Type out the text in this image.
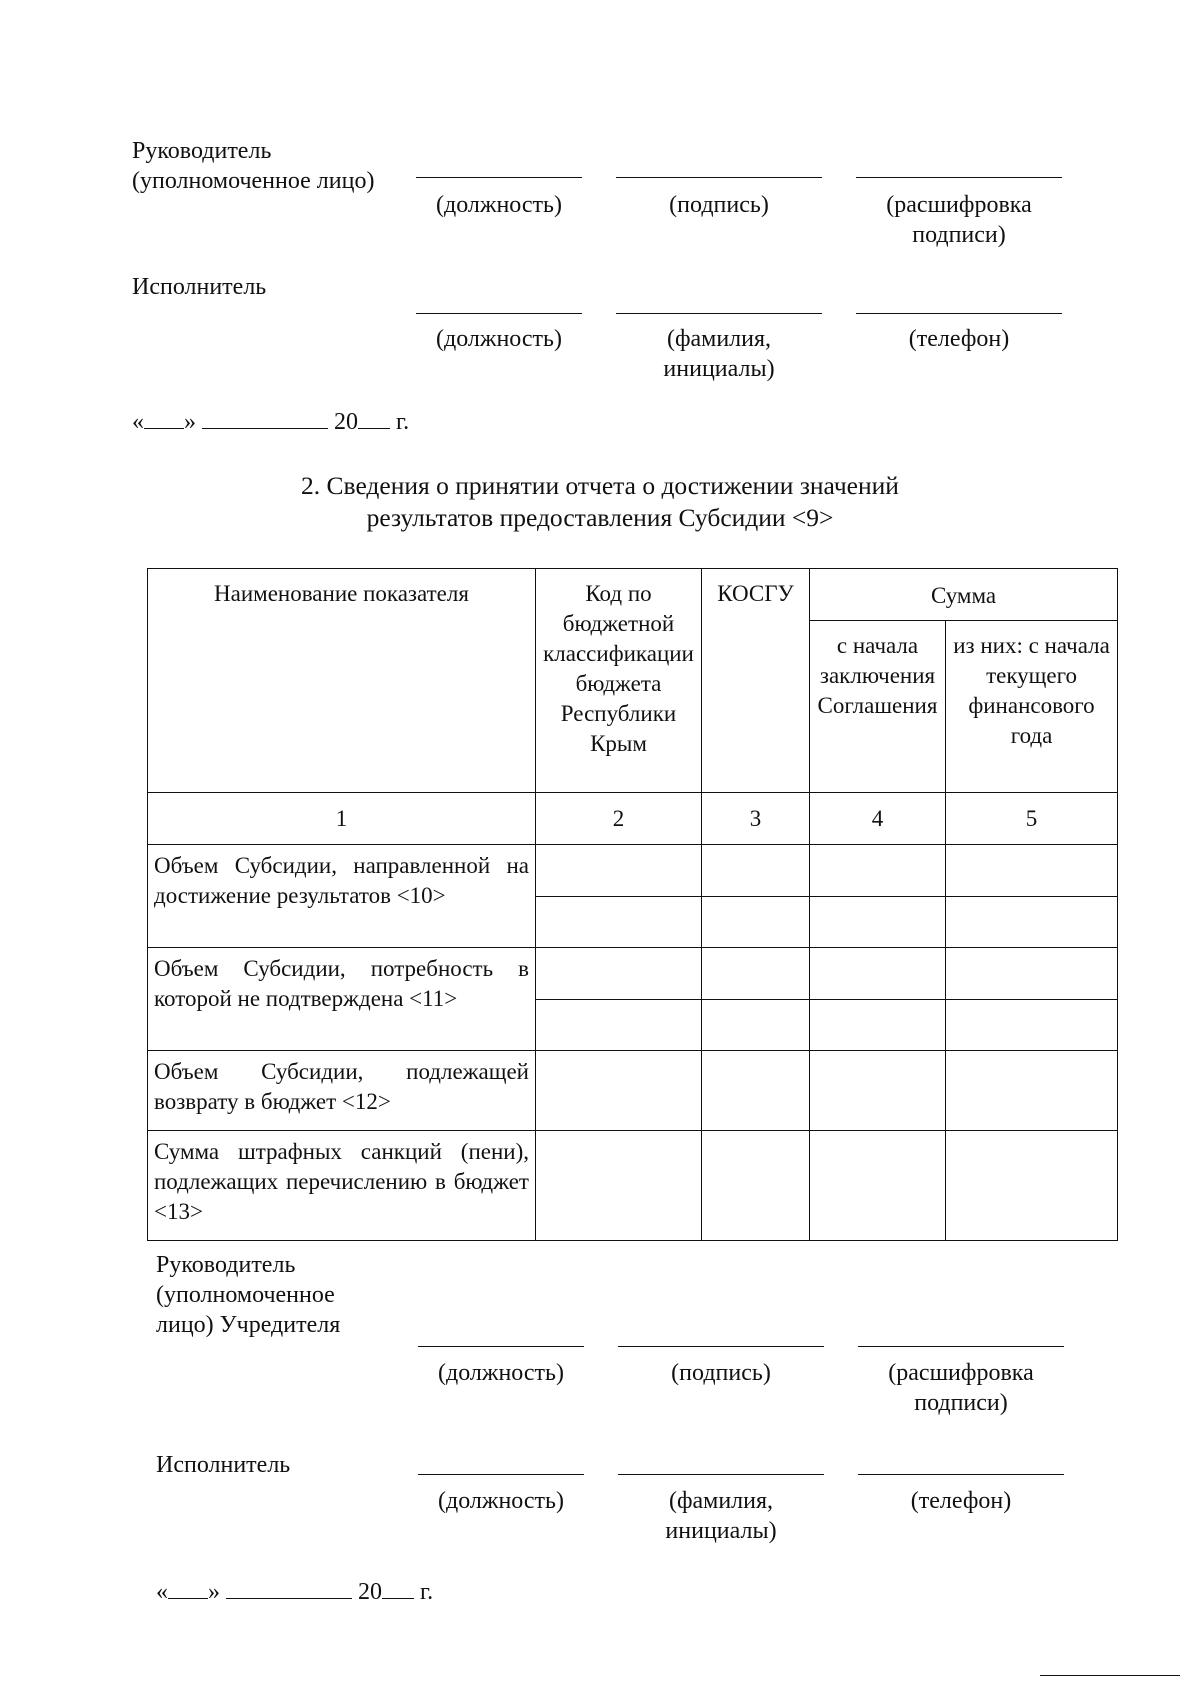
Руководитель
(уполномоченное лицо)
(должность)	(подпись)	(расшифровка
подписи)
Исполнитель
(должность)	(фамилия,
инициалы)
(телефон)
« »	20 г.
2. Сведения о принятии отчета о достижении значений
результатов предоставления Субсидии <9>
Наименование показателя	Код по бюджетной классификации бюджета Республики Крым	КОСГУ	Сумма	
			с начала заключения Соглашения	из них: с начала текущего финансового года
1	2	3	4	5
Объем Субсидии, направленной на достижение результатов <10>				

Объем Субсидии, потребность в которой не подтверждена <11>				

Объем Субсидии, подлежащей возврату в бюджет <12>				
Сумма штрафных санкций (пени), подлежащих перечислению в бюджет <13>				
Руководитель
(уполномоченное
лицо) Учредителя
(должность)	(подпись)	(расшифровка
подписи)
Исполнитель
(должность)	(фамилия,
инициалы)
(телефон)
« »	20 г.
